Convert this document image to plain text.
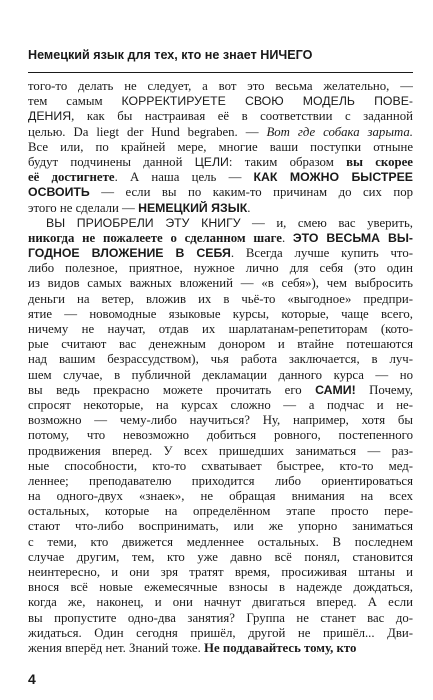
Немецкий язык для тех, кто не знает НИЧЕГО
того-то делать не следует, а вот это весьма желательно, —
тем самым КОРРЕКТИРУЕТЕ СВОЮ МОДЕЛЬ ПОВЕ-
ДЕНИЯ, как бы настраивая её в соответствии с заданной
целью. Da liegt der Hund begraben. — Вот где собака зарыта.
Все или, по крайней мере, многие ваши поступки отныне
будут подчинены данной ЦЕЛИ: таким образом вы скорее
её достигнете. А наша цель — КАК МОЖНО БЫСТРЕЕ
ОСВОИТЬ — если вы по каким-то причинам до сих пор
этого не сделали — НЕМЕЦКИЙ ЯЗЫК.
ВЫ ПРИОБРЕЛИ ЭТУ КНИГУ — и, смею вас уверить,
никогда не пожалеете о сделанном шаге. ЭТО ВЕСЬМА ВЫ-
ГОДНОЕ ВЛОЖЕНИЕ В СЕБЯ. Всегда лучше купить что-
либо полезное, приятное, нужное лично для себя (это один
из видов самых важных вложений — «в себя»), чем выбросить
деньги на ветер, вложив их в чьё-то «выгодное» предпри-
ятие — новомодные языковые курсы, которые, чаще всего,
ничему не научат, отдав их шарлатанам-репетиторам (кото-
рые считают вас денежным донором и втайне потешаются
над вашим безрассудством), чья работа заключается, в луч-
шем случае, в публичной декламации данного курса — но
вы ведь прекрасно можете прочитать его САМИ! Почему,
спросят некоторые, на курсах сложно — а подчас и не-
возможно — чему-либо научиться? Ну, например, хотя бы
потому, что невозможно добиться ровного, постепенного
продвижения вперед. У всех пришедших заниматься — раз-
ные способности, кто-то схватывает быстрее, кто-то мед-
леннее; преподавателю приходится либо ориентироваться
на одного-двух «знаек», не обращая внимания на всех
остальных, которые на определённом этапе просто пере-
стают что-либо воспринимать, или же упорно заниматься
с теми, кто движется медленнее остальных. В последнем
случае другим, тем, кто уже давно всё понял, становится
неинтересно, и они зря тратят время, просиживая штаны и
внося всё новые ежемесячные взносы в надежде дождаться,
когда же, наконец, и они начнут двигаться вперед. А если
вы пропустите одно-два занятия? Группа не станет вас до-
жидаться. Один сегодня пришёл, другой не пришёл... Дви-
жения вперёд нет. Знаний тоже. Не поддавайтесь тому, кто
4
